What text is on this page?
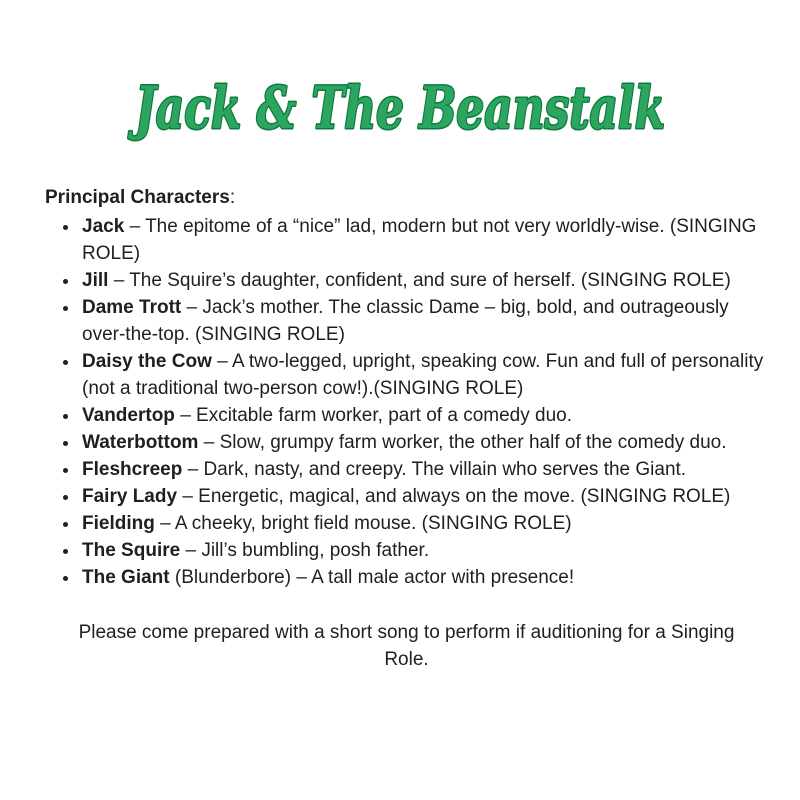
Jack & The Beanstalk
Principal Characters:
• Jack – The epitome of a “nice” lad, modern but not very worldly-wise. (SINGING ROLE)
• Jill – The Squire’s daughter, confident, and sure of herself. (SINGING ROLE)
• Dame Trott – Jack’s mother. The classic Dame – big, bold, and outrageously over-the-top. (SINGING ROLE)
• Daisy the Cow – A two-legged, upright, speaking cow. Fun and full of personality (not a traditional two-person cow!).(SINGING ROLE)
• Vandertop – Excitable farm worker, part of a comedy duo.
• Waterbottom – Slow, grumpy farm worker, the other half of the comedy duo.
• Fleshcreep – Dark, nasty, and creepy. The villain who serves the Giant.
• Fairy Lady – Energetic, magical, and always on the move. (SINGING ROLE)
• Fielding – A cheeky, bright field mouse. (SINGING ROLE)
• The Squire – Jill’s bumbling, posh father.
• The Giant (Blunderbore) – A tall male actor with presence!
Please come prepared with a short song to perform if auditioning for a Singing Role.
